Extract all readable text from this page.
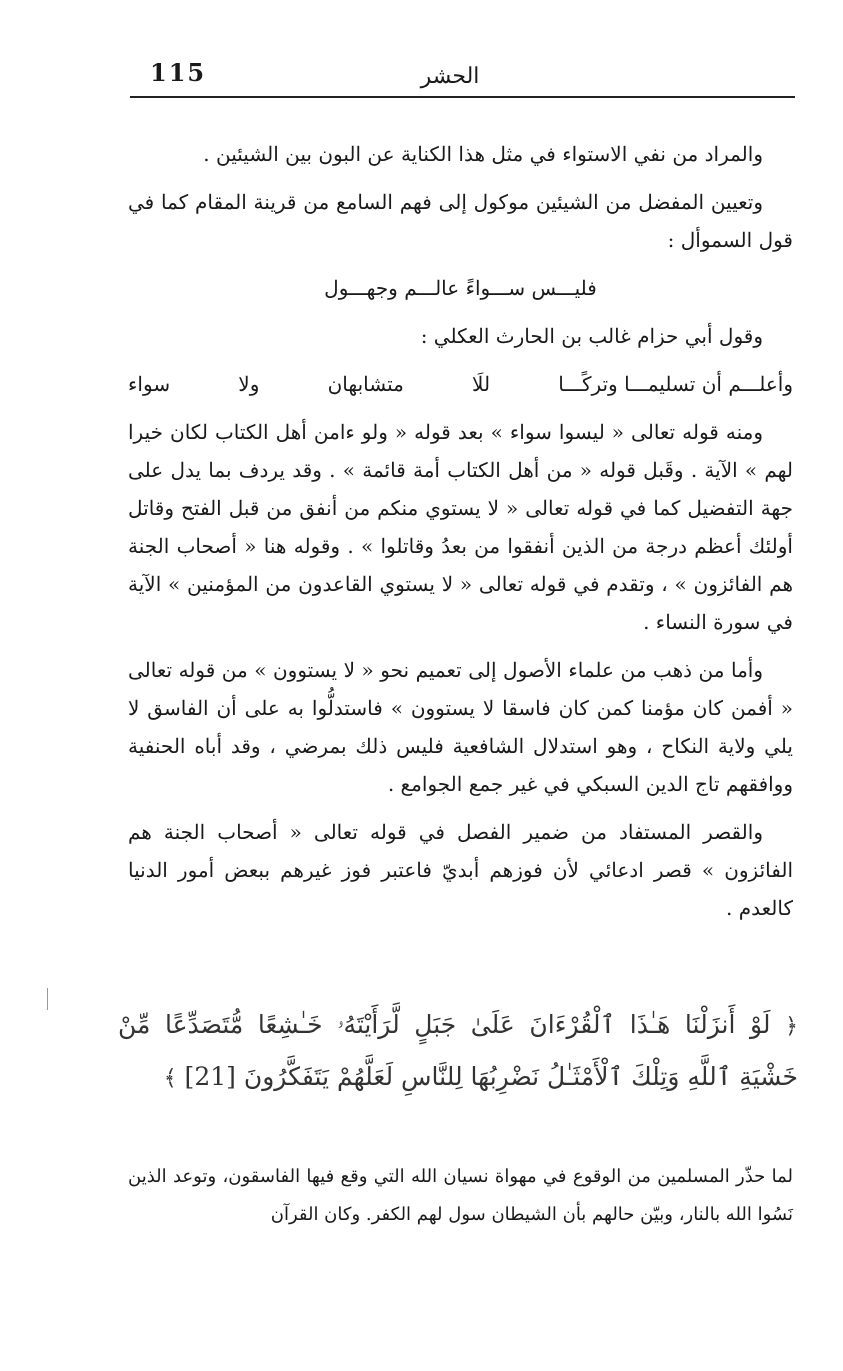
115	الحشر

والمراد من نفي الاستواء في مثل هذا الكناية عن البون بين الشيئين .

وتعيين المفضل من الشيئين موكول إلى فهم السامع من قرينة المقام كما في قول السموأل :

فليـــس ســـواءً عالـــم وجهـــول

وقول أبي حزام غالب بن الحارث العكلي :

وأعلـــم أن تسليمـــا وتركًـــا
للَا
متشابهان
ولا
سواء

ومنه قوله تعالى « ليسوا سواء » بعد قوله « ولو ءامن أهل الكتاب لكان خيرا لهم » الآية . وقَبل قوله « من أهل الكتاب أمة قائمة » . وقد يردف بما يدل على جهة التفضيل كما في قوله تعالى « لا يستوي منكم من أنفق من قبل الفتح وقاتل أولئك أعظم درجة من الذين أنفقوا من بعدُ وقاتلوا » . وقوله هنا « أصحاب الجنة هم الفائزون » ، وتقدم في قوله تعالى « لا يستوي القاعدون من المؤمنين » الآية في سورة النساء .

وأما من ذهب من علماء الأصول إلى تعميم نحو « لا يستوون » من قوله تعالى « أفمن كان مؤمنا كمن كان فاسقا لا يستوون » فاستدلُّوا به على أن الفاسق لا يلي ولاية النكاح ، وهو استدلال الشافعية فليس ذلك بمرضي ، وقد أباه الحنفية ووافقهم تاج الدين السبكي في غير جمع الجوامع .

والقصر المستفاد من ضمير الفصل في قوله تعالى « أصحاب الجنة هم الفائزون » قصر ادعائي لأن فوزهم أبديّ فاعتبر فوز غيرهم ببعض أمور الدنيا كالعدم .

﴿ لَوْ أَنزَلْنَا هَـٰذَا ٱلْقُرْءَانَ عَلَىٰ جَبَلٍ لَّرَأَيْتَهُۥ خَـٰشِعًا مُّتَصَدِّعًا مِّنْ خَشْيَةِ ٱللَّهِ وَتِلْكَ ٱلْأَمْثَـٰلُ نَضْرِبُهَا لِلنَّاسِ لَعَلَّهُمْ يَتَفَكَّرُونَ [21] ﴾
لما حذّر المسلمين من الوقوع في مهواة نسيان الله التي وقع فيها الفاسقون، وتوعد الذين نَسُوا الله بالنار، وبيّن حالهم بأن الشيطان سول لهم الكفر. وكان القرآن
